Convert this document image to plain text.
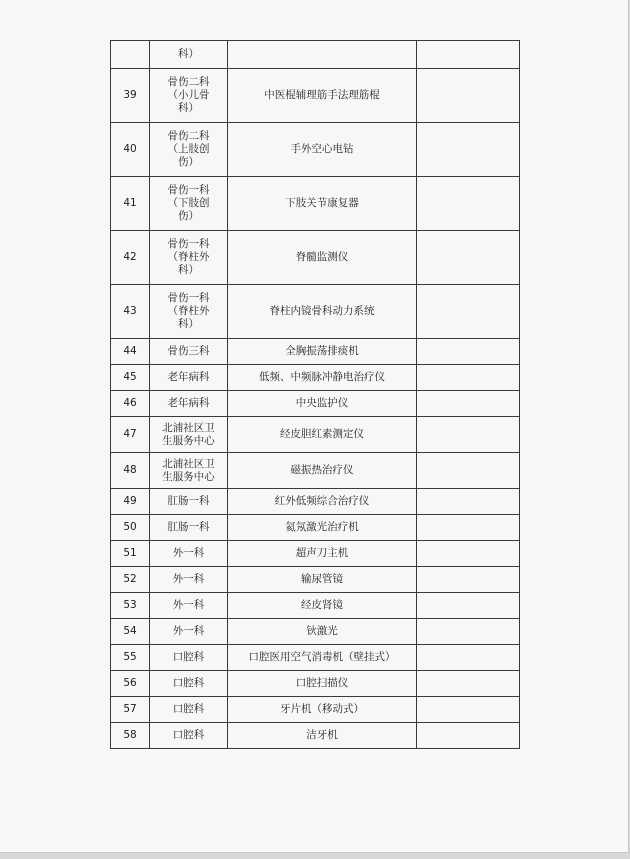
	科）		
39	骨伤二科
（小儿骨
科）	中医棍辅理筋手法理筋棍	
40	骨伤二科
（上肢创
伤）	手外空心电钻	
41	骨伤一科
（下肢创
伤）	下肢关节康复器	
42	骨伤一科
（脊柱外
科）	脊髓监测仪	
43	骨伤一科
（脊柱外
科）	脊柱内镜骨科动力系统	
44	骨伤三科	全胸振荡排痰机	
45	老年病科	低频、中频脉冲静电治疗仪	
46	老年病科	中央监护仪	
47	北浦社区卫
生服务中心	经皮胆红素测定仪	
48	北浦社区卫
生服务中心	磁振热治疗仪	
49	肛肠一科	红外低频综合治疗仪	
50	肛肠一科	氦氖激光治疗机	
51	外一科	超声刀主机	
52	外一科	输尿管镜	
53	外一科	经皮肾镜	
54	外一科	钬激光	
55	口腔科	口腔医用空气消毒机（壁挂式）	
56	口腔科	口腔扫描仪	
57	口腔科	牙片机（移动式）	
58	口腔科	洁牙机	
